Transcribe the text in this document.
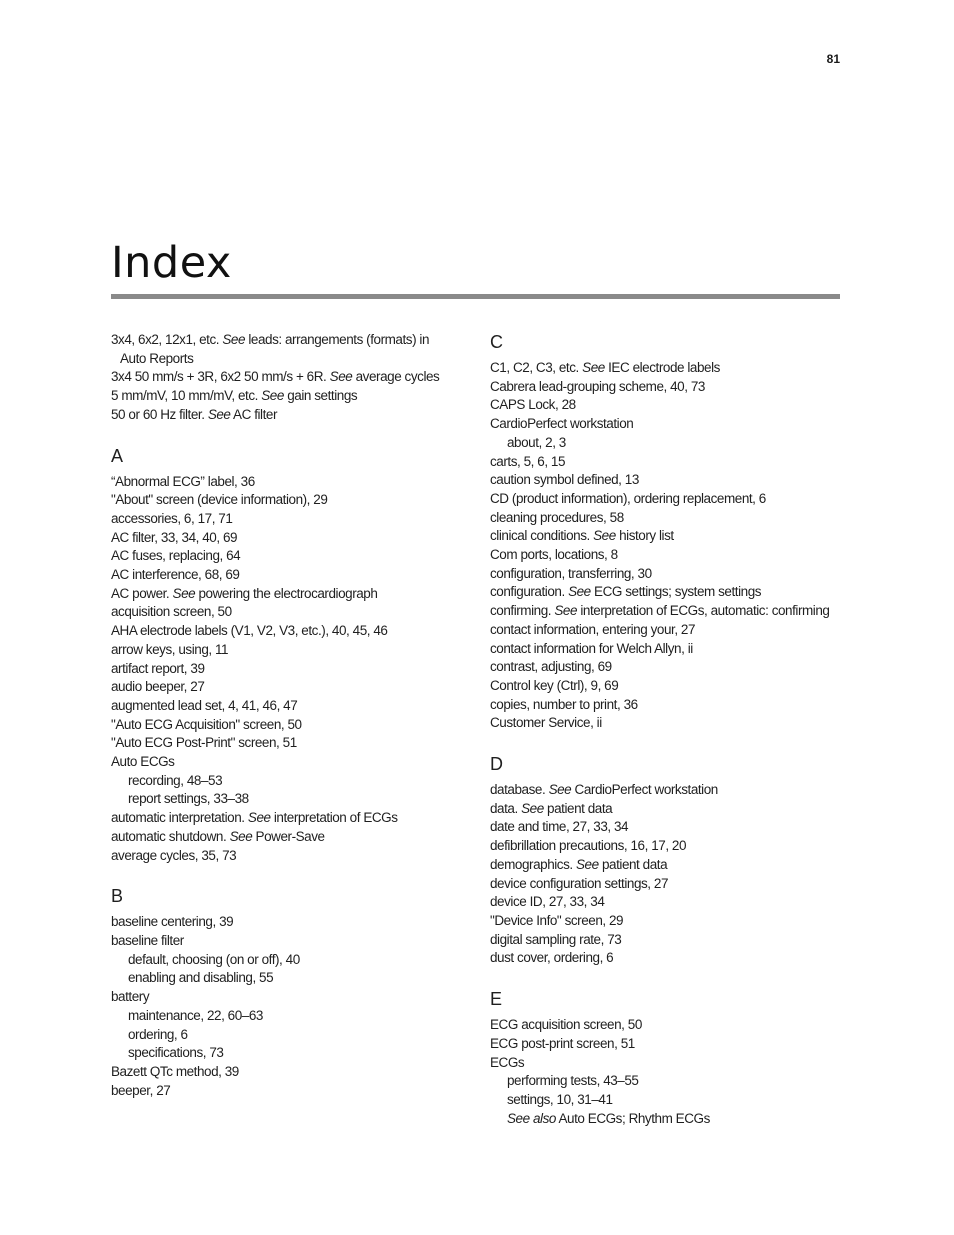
81
Index
3x4, 6x2, 12x1, etc. See leads: arrangements (formats) in
Auto Reports
3x4 50 mm/s + 3R, 6x2 50 mm/s + 6R. See average cycles
5 mm/mV, 10 mm/mV, etc. See gain settings
50 or 60 Hz filter. See AC filter
A
“Abnormal ECG” label, 36
"About" screen (device information), 29
accessories, 6, 17, 71
AC filter, 33, 34, 40, 69
AC fuses, replacing, 64
AC interference, 68, 69
AC power. See powering the electrocardiograph
acquisition screen, 50
AHA electrode labels (V1, V2, V3, etc.), 40, 45, 46
arrow keys, using, 11
artifact report, 39
audio beeper, 27
augmented lead set, 4, 41, 46, 47
"Auto ECG Acquisition" screen, 50
"Auto ECG Post-Print" screen, 51
Auto ECGs
recording, 48–53
report settings, 33–38
automatic interpretation. See interpretation of ECGs
automatic shutdown. See Power-Save
average cycles, 35, 73
B
baseline centering, 39
baseline filter
default, choosing (on or off), 40
enabling and disabling, 55
battery
maintenance, 22, 60–63
ordering, 6
specifications, 73
Bazett QTc method, 39
beeper, 27
C
C1, C2, C3, etc. See IEC electrode labels
Cabrera lead-grouping scheme, 40, 73
CAPS Lock, 28
CardioPerfect workstation
about, 2, 3
carts, 5, 6, 15
caution symbol defined, 13
CD (product information), ordering replacement, 6
cleaning procedures, 58
clinical conditions. See history list
Com ports, locations, 8
configuration, transferring, 30
configuration. See ECG settings; system settings
confirming. See interpretation of ECGs, automatic: confirming
contact information, entering your, 27
contact information for Welch Allyn, ii
contrast, adjusting, 69
Control key (Ctrl), 9, 69
copies, number to print, 36
Customer Service, ii
D
database. See CardioPerfect workstation
data. See patient data
date and time, 27, 33, 34
defibrillation precautions, 16, 17, 20
demographics. See patient data
device configuration settings, 27
device ID, 27, 33, 34
"Device Info" screen, 29
digital sampling rate, 73
dust cover, ordering, 6
E
ECG acquisition screen, 50
ECG post-print screen, 51
ECGs
performing tests, 43–55
settings, 10, 31–41
See also Auto ECGs; Rhythm ECGs
